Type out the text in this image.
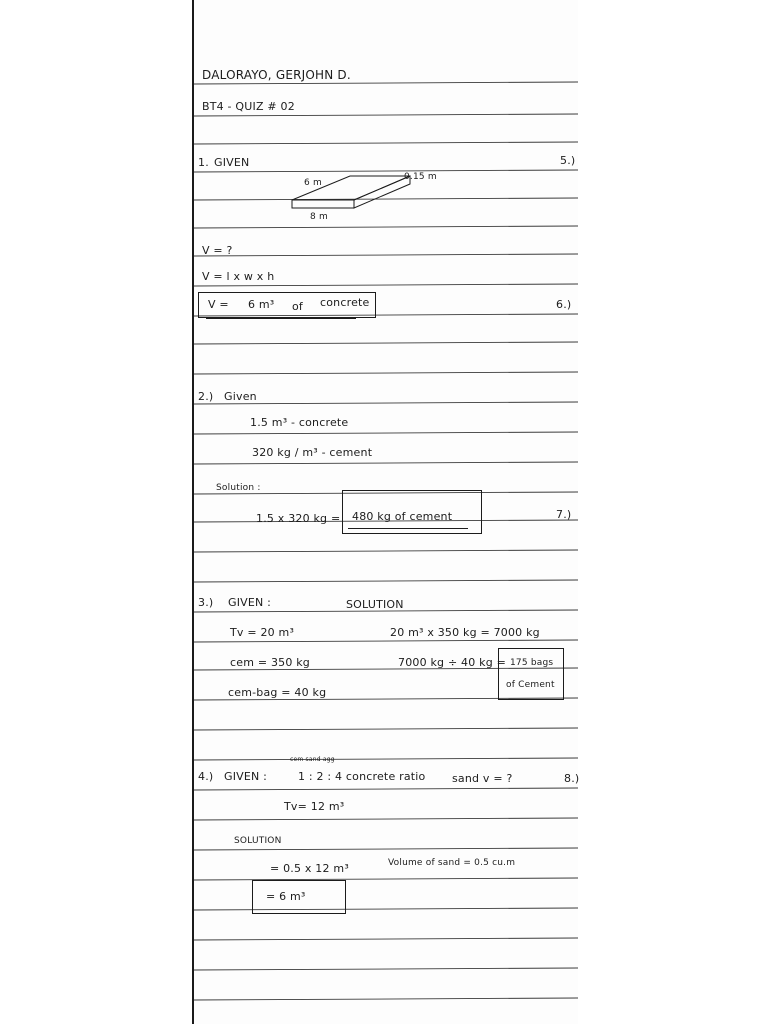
DALORAYO, GERJOHN D.
BT4 - QUIZ # 02
1. GIVEN
6 m
0.15 m
8 m
V = ?
V = l x w x h
V = 6 m³ of concrete
2.) Given
1.5 m³ - concrete
320 kg / m³ - cement
Solution :
1.5 x 320 kg = 480 kg of cement
3.) GIVEN :	SOLUTION
Tv = 20 m³
cem = 350 kg
cem-bag = 40 kg
20 m³ x 350 kg = 7000 kg
7000 kg ÷ 40 kg = 175 bags
of Cement
cem sand agg
4.) GIVEN :	1 : 2 : 4 concrete ratio sand v = ?
Tv= 12 m³
SOLUTION
= 0.5 x 12 m³	Volume of sand = 0.5 cu.m
= 6 m³
5.)
6.)
7.)
8.)
